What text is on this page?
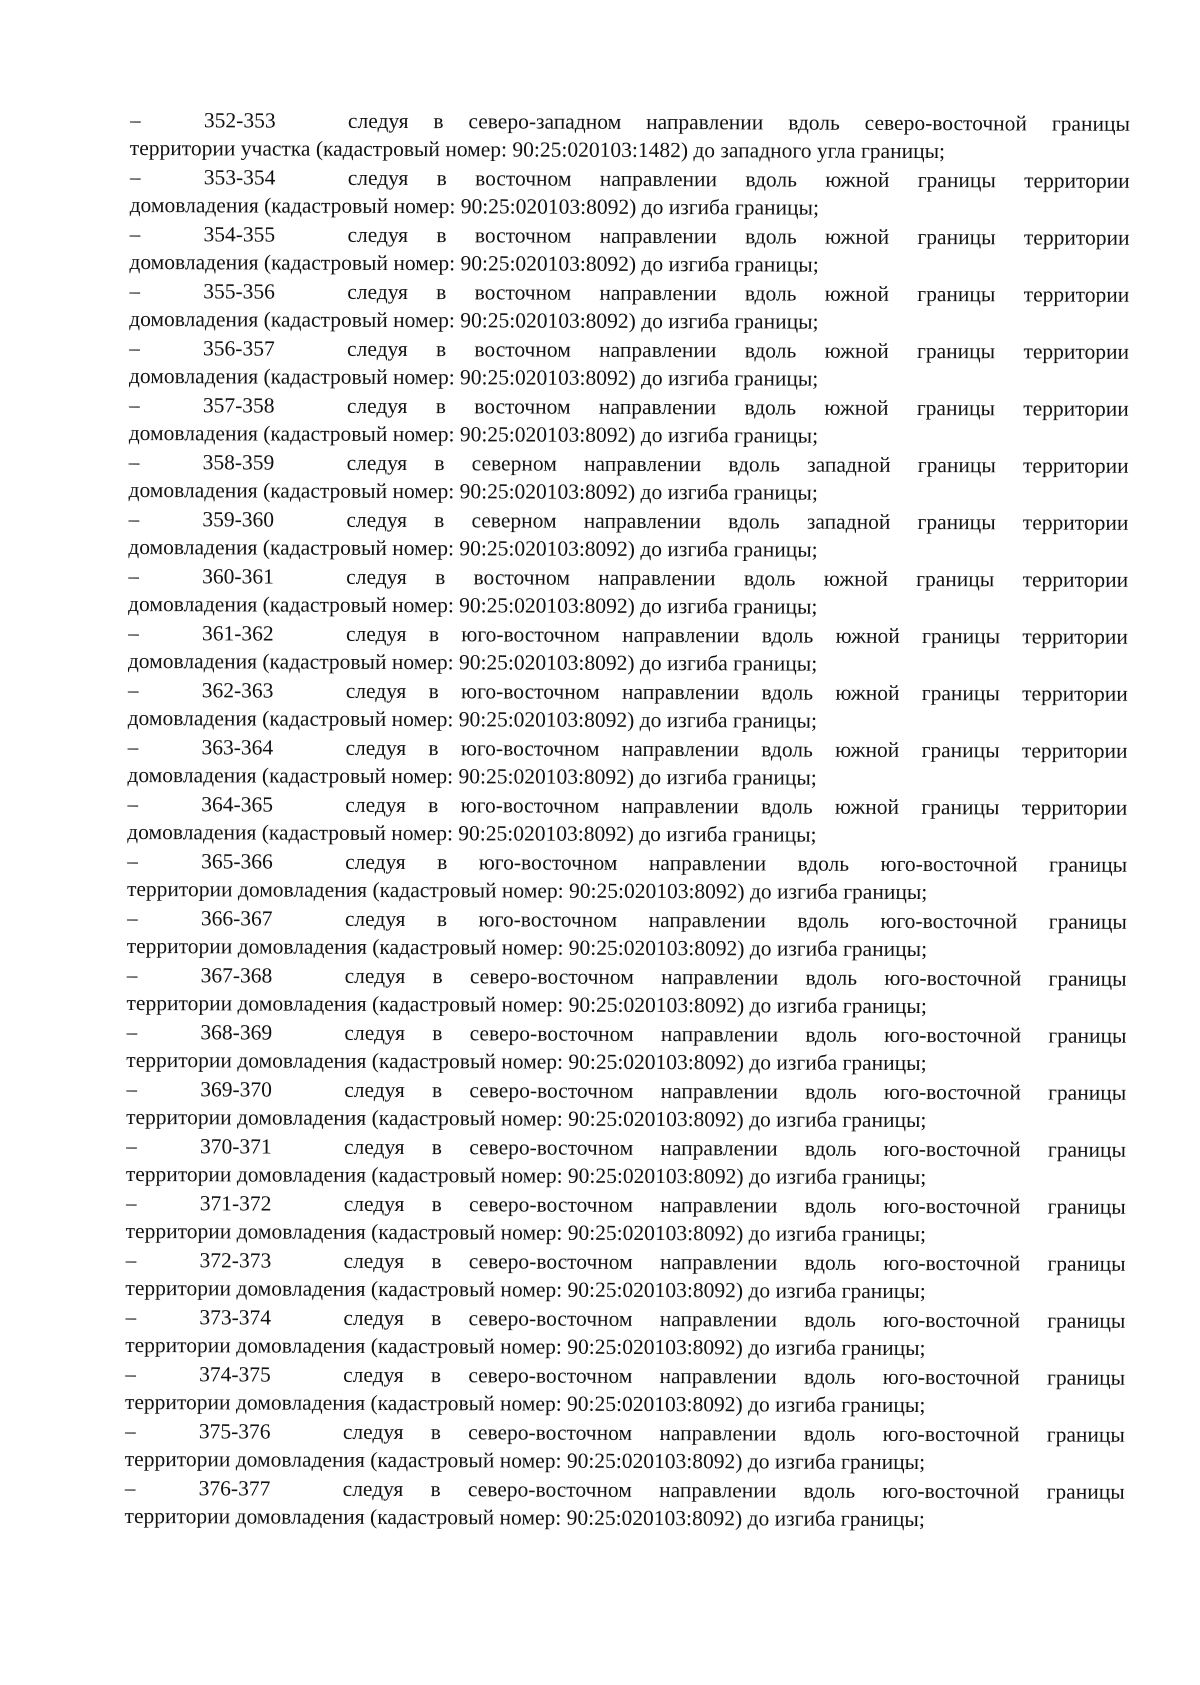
–	352-353	следуя в северо-западном направлении вдоль северо-восточной границы
территории участка (кадастровый номер: 90:25:020103:1482) до западного угла границы;
–	353-354	следуя в восточном направлении вдоль южной границы территории
домовладения (кадастровый номер: 90:25:020103:8092) до изгиба границы;
–	354-355	следуя в восточном направлении вдоль южной границы территории
домовладения (кадастровый номер: 90:25:020103:8092) до изгиба границы;
–	355-356	следуя в восточном направлении вдоль южной границы территории
домовладения (кадастровый номер: 90:25:020103:8092) до изгиба границы;
–	356-357	следуя в восточном направлении вдоль южной границы территории
домовладения (кадастровый номер: 90:25:020103:8092) до изгиба границы;
–	357-358	следуя в восточном направлении вдоль южной границы территории
домовладения (кадастровый номер: 90:25:020103:8092) до изгиба границы;
–	358-359	следуя в северном направлении вдоль западной границы территории
домовладения (кадастровый номер: 90:25:020103:8092) до изгиба границы;
–	359-360	следуя в северном направлении вдоль западной границы территории
домовладения (кадастровый номер: 90:25:020103:8092) до изгиба границы;
–	360-361	следуя в восточном направлении вдоль южной границы территории
домовладения (кадастровый номер: 90:25:020103:8092) до изгиба границы;
–	361-362	следуя в юго-восточном направлении вдоль южной границы территории
домовладения (кадастровый номер: 90:25:020103:8092) до изгиба границы;
–	362-363	следуя в юго-восточном направлении вдоль южной границы территории
домовладения (кадастровый номер: 90:25:020103:8092) до изгиба границы;
–	363-364	следуя в юго-восточном направлении вдоль южной границы территории
домовладения (кадастровый номер: 90:25:020103:8092) до изгиба границы;
–	364-365	следуя в юго-восточном направлении вдоль южной границы территории
домовладения (кадастровый номер: 90:25:020103:8092) до изгиба границы;
–	365-366	следуя в юго-восточном направлении вдоль юго-восточной границы
территории домовладения (кадастровый номер: 90:25:020103:8092) до изгиба границы;
–	366-367	следуя в юго-восточном направлении вдоль юго-восточной границы
территории домовладения (кадастровый номер: 90:25:020103:8092) до изгиба границы;
–	367-368	следуя в северо-восточном направлении вдоль юго-восточной границы
территории домовладения (кадастровый номер: 90:25:020103:8092) до изгиба границы;
–	368-369	следуя в северо-восточном направлении вдоль юго-восточной границы
территории домовладения (кадастровый номер: 90:25:020103:8092) до изгиба границы;
–	369-370	следуя в северо-восточном направлении вдоль юго-восточной границы
территории домовладения (кадастровый номер: 90:25:020103:8092) до изгиба границы;
–	370-371	следуя в северо-восточном направлении вдоль юго-восточной границы
территории домовладения (кадастровый номер: 90:25:020103:8092) до изгиба границы;
–	371-372	следуя в северо-восточном направлении вдоль юго-восточной границы
территории домовладения (кадастровый номер: 90:25:020103:8092) до изгиба границы;
–	372-373	следуя в северо-восточном направлении вдоль юго-восточной границы
территории домовладения (кадастровый номер: 90:25:020103:8092) до изгиба границы;
–	373-374	следуя в северо-восточном направлении вдоль юго-восточной границы
территории домовладения (кадастровый номер: 90:25:020103:8092) до изгиба границы;
–	374-375	следуя в северо-восточном направлении вдоль юго-восточной границы
территории домовладения (кадастровый номер: 90:25:020103:8092) до изгиба границы;
–	375-376	следуя в северо-восточном направлении вдоль юго-восточной границы
территории домовладения (кадастровый номер: 90:25:020103:8092) до изгиба границы;
–	376-377	следуя в северо-восточном направлении вдоль юго-восточной границы
территории домовладения (кадастровый номер: 90:25:020103:8092) до изгиба границы;
